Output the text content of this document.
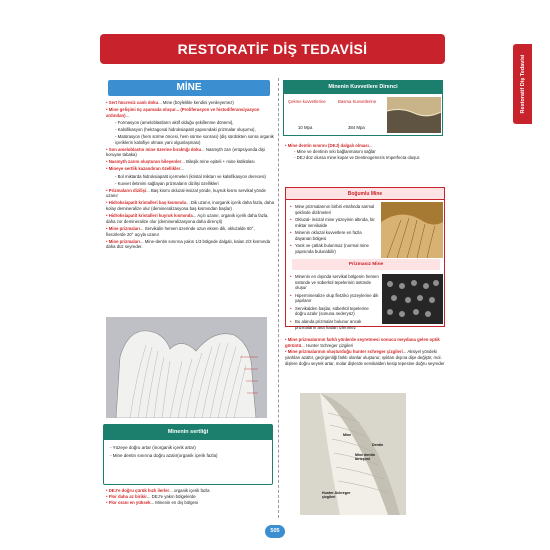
Restoratif Diş Tedavisi
RESTORATİF DİŞ TEDAVİSİ
MİNE

• Sert hücresiz canlı doku... Mine (böylelikle kendini yenileyemez)

• Mine gelişimi üç aşamada oluşur... (Proliferasyon ve histodiferansiyasyon ardından)...

- Formasyon (ameloblastların aktif olduğu şekillenme dönemi),

- Kalsifikasyon (hekzagonal hidroksiapatit yapısındaki prizmalar oluşumu),

- Matürasyon (hem sürme öncesi, hem sürme sonrası) (diş sürdükten sonra organik içeriklerin kalsifiye olması yani olgunlaşması)

• Son ameloblastın mine üzerine bıraktığı doku... Nasmyth zarı (erüpsiyonda dişi koruyan tabaka)

• Nasmyth zarını oluşturan bileşenler... Bileşik mine epiteli + mine kütikülası

• Mineye sertlik kazandıran özellikler...

- Bol miktarda hidroksiapatit içermeleri (kristal miktarı ve kalsifikasyon derecesi)

- Kuvvet iletimini sağlayan prizmaların dizilişi özellikleri

• Prizmaların dizilişi... Baş kısmı okluzal-insizal yönde, kuyruk kısmı servikal yönde uzanır

• Hidroksiapatit kristalleri baş kısmında... Dik uzanır, inorganik içerik daha fazla, daha kolay demineralize olur (demineralizasyona baş kısmından başlar)

• Hidroksiapatit kristalleri kuyruk kısmında... Açılı uzanır, organik içerik daha fazla, daha zor demineralize olur (demineralizasyona daha dirençli)

• Mine prizmaları... Servikalin hemen üzerinde uzun eksen dik, okluzalde 60°, fissürlerde 20° açıyla uzanır

• Mine prizmaları... Mine-dentin sınırına yakın 1/3 bölgede dalgalı, kalan 2/3 kısmında daha düz seyreder.

Minenin sertliği
- Yüzeye doğru artar (inorganik içerik artar)
- Mine dentin sınırına doğru azalır(organik içerik fazla)

• DEJ'e doğru çürük hızlı ilerler... organik içerik fazla

• Flor daha az birikir... DEJ'e yakın bölgelerde

• Flor oranı en yüksek... Minenin en dış bölgesi

Minenin Kuvvetlere Direnci
Çekme kuvvetlerine	Basma Kuvvetlerine
10 Mpa	384 Mpa

• Mine dentin sınırını (DEJ) dalgalı olması...

- Mine ve dentinin sıkı bağlanmasını sağlar

- DEJ düz olursa mine kopar ve Dentinogenezis Imperfecta oluşur.

Boğumlu Mine
• Mine prizmalarının birbiri etrafında sarmal şeklinde dizilmeleri
• Okluzal- insizal mine yüzeyinin altında, bir miktar servikalde
• Minenin okluzal kuvvetlere en fazla dayanan bölgesi
• Yarık ve çatlak bulunmaz (normal mine yapısında bulunabilir)
Prizmasız Mine
• Minenin en dışında servikal bölgenin hemen üstünde ve süberkül tepelerinin üstünde oluşur
• Hipermineralize olup fletziko yüzeylerine dik yapılanır
• Servikalden başlar, süberkül tepelerine doğru azalır (sonuna nederyüz)
• Bu alanda prizmalar bulunur ancak prizmaların ana hatları izlenmez

• Mine prizmalarının farklı yönlerde seyretmesi sonucu meydana gelen optik görüntü... Hunter Schreger çizgileri

• Mine prizmalarının oluşturduğu hunter schreger çizgileri... Aksiyel yöndeki yarıkları azaltır, geçirgenliği farklı olanlar oluşturur, ışıkları dışına dişe değiştir, mol. dişlere doğru seyrek artar, molar dişlerde servikalden kesip tepesine doğru seyreder

Mine
Dentin
Mine dentin birleşimi
Hunter-Schreger çizgileri
505
